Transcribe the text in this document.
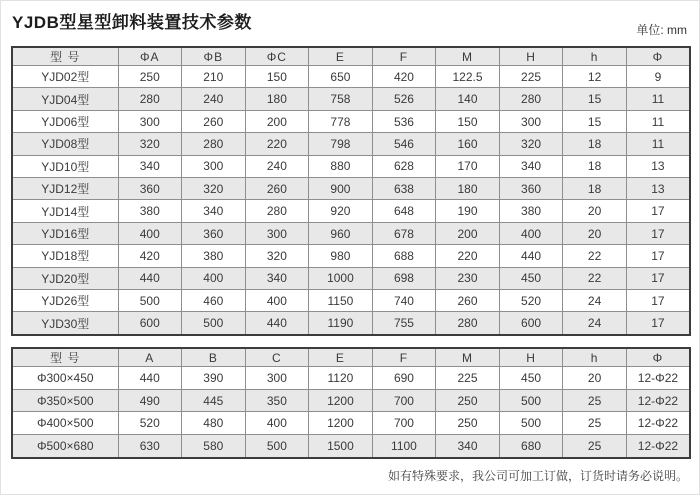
YJDB型星型卸料装置技术参数	单位: mm
型 号	ΦA	ΦB	ΦC	E	F	M	H	h	Φ
YJD02型	250	210	150	650	420	122.5	225	12	9
YJD04型	280	240	180	758	526	140	280	15	11
YJD06型	300	260	200	778	536	150	300	15	11
YJD08型	320	280	220	798	546	160	320	18	11
YJD10型	340	300	240	880	628	170	340	18	13
YJD12型	360	320	260	900	638	180	360	18	13
YJD14型	380	340	280	920	648	190	380	20	17
YJD16型	400	360	300	960	678	200	400	20	17
YJD18型	420	380	320	980	688	220	440	22	17
YJD20型	440	400	340	1000	698	230	450	22	17
YJD26型	500	460	400	1150	740	260	520	24	17
YJD30型	600	500	440	1190	755	280	600	24	17
型 号	A	B	C	E	F	M	H	h	Φ
Φ300×450	440	390	300	1120	690	225	450	20	12-Φ22
Φ350×500	490	445	350	1200	700	250	500	25	12-Φ22
Φ400×500	520	480	400	1200	700	250	500	25	12-Φ22
Φ500×680	630	580	500	1500	1100	340	680	25	12-Φ22
如有特殊要求，我公司可加工订做，订货时请务必说明。
